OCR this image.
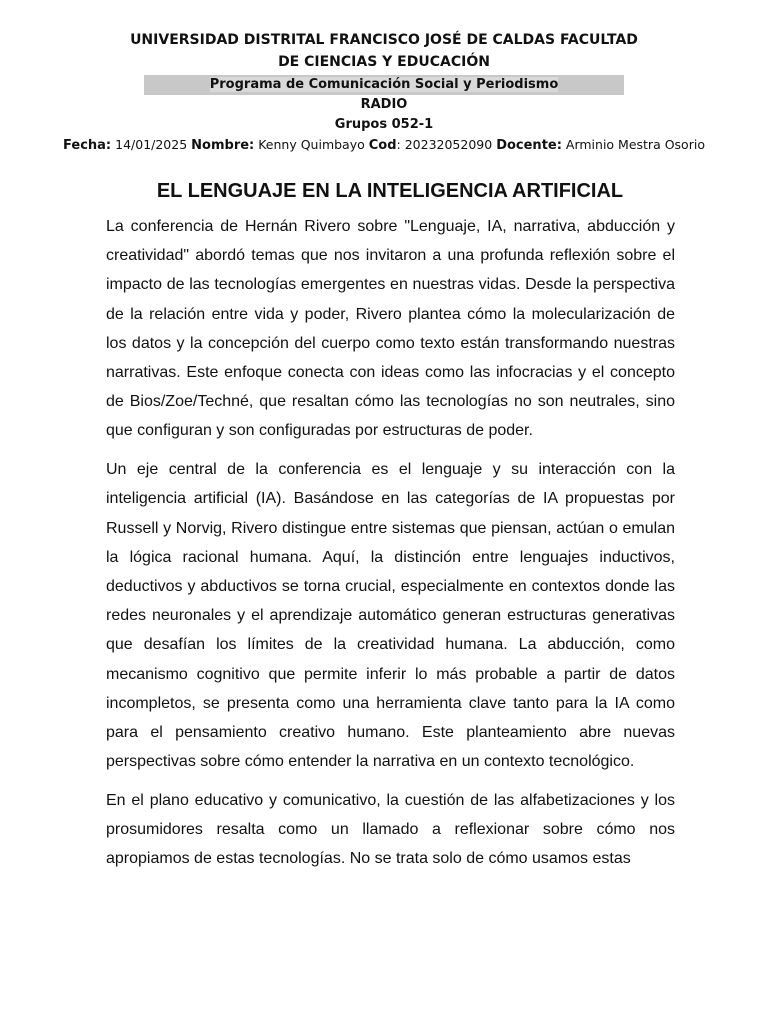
UNIVERSIDAD DISTRITAL FRANCISCO JOSÉ DE CALDAS FACULTAD DE CIENCIAS Y EDUCACIÓN
Programa de Comunicación Social y Periodismo
RADIO
Grupos 052-1
Fecha: 14/01/2025 Nombre: Kenny Quimbayo Cod: 20232052090 Docente: Arminio Mestra Osorio
EL LENGUAJE EN LA INTELIGENCIA ARTIFICIAL

La conferencia de Hernán Rivero sobre "Lenguaje, IA, narrativa, abducción y creatividad" abordó temas que nos invitaron a una profunda reflexión sobre el impacto de las tecnologías emergentes en nuestras vidas. Desde la perspectiva de la relación entre vida y poder, Rivero plantea cómo la molecularización de los datos y la concepción del cuerpo como texto están transformando nuestras narrativas. Este enfoque conecta con ideas como las infocracias y el concepto de Bios/Zoe/Techné, que resaltan cómo las tecnologías no son neutrales, sino que configuran y son configuradas por estructuras de poder.

Un eje central de la conferencia es el lenguaje y su interacción con la inteligencia artificial (IA). Basándose en las categorías de IA propuestas por Russell y Norvig, Rivero distingue entre sistemas que piensan, actúan o emulan la lógica racional humana. Aquí, la distinción entre lenguajes inductivos, deductivos y abductivos se torna crucial, especialmente en contextos donde las redes neuronales y el aprendizaje automático generan estructuras generativas que desafían los límites de la creatividad humana. La abducción, como mecanismo cognitivo que permite inferir lo más probable a partir de datos incompletos, se presenta como una herramienta clave tanto para la IA como para el pensamiento creativo humano. Este planteamiento abre nuevas perspectivas sobre cómo entender la narrativa en un contexto tecnológico.

En el plano educativo y comunicativo, la cuestión de las alfabetizaciones y los prosumidores resalta como un llamado a reflexionar sobre cómo nos apropiamos de estas tecnologías. No se trata solo de cómo usamos estas
